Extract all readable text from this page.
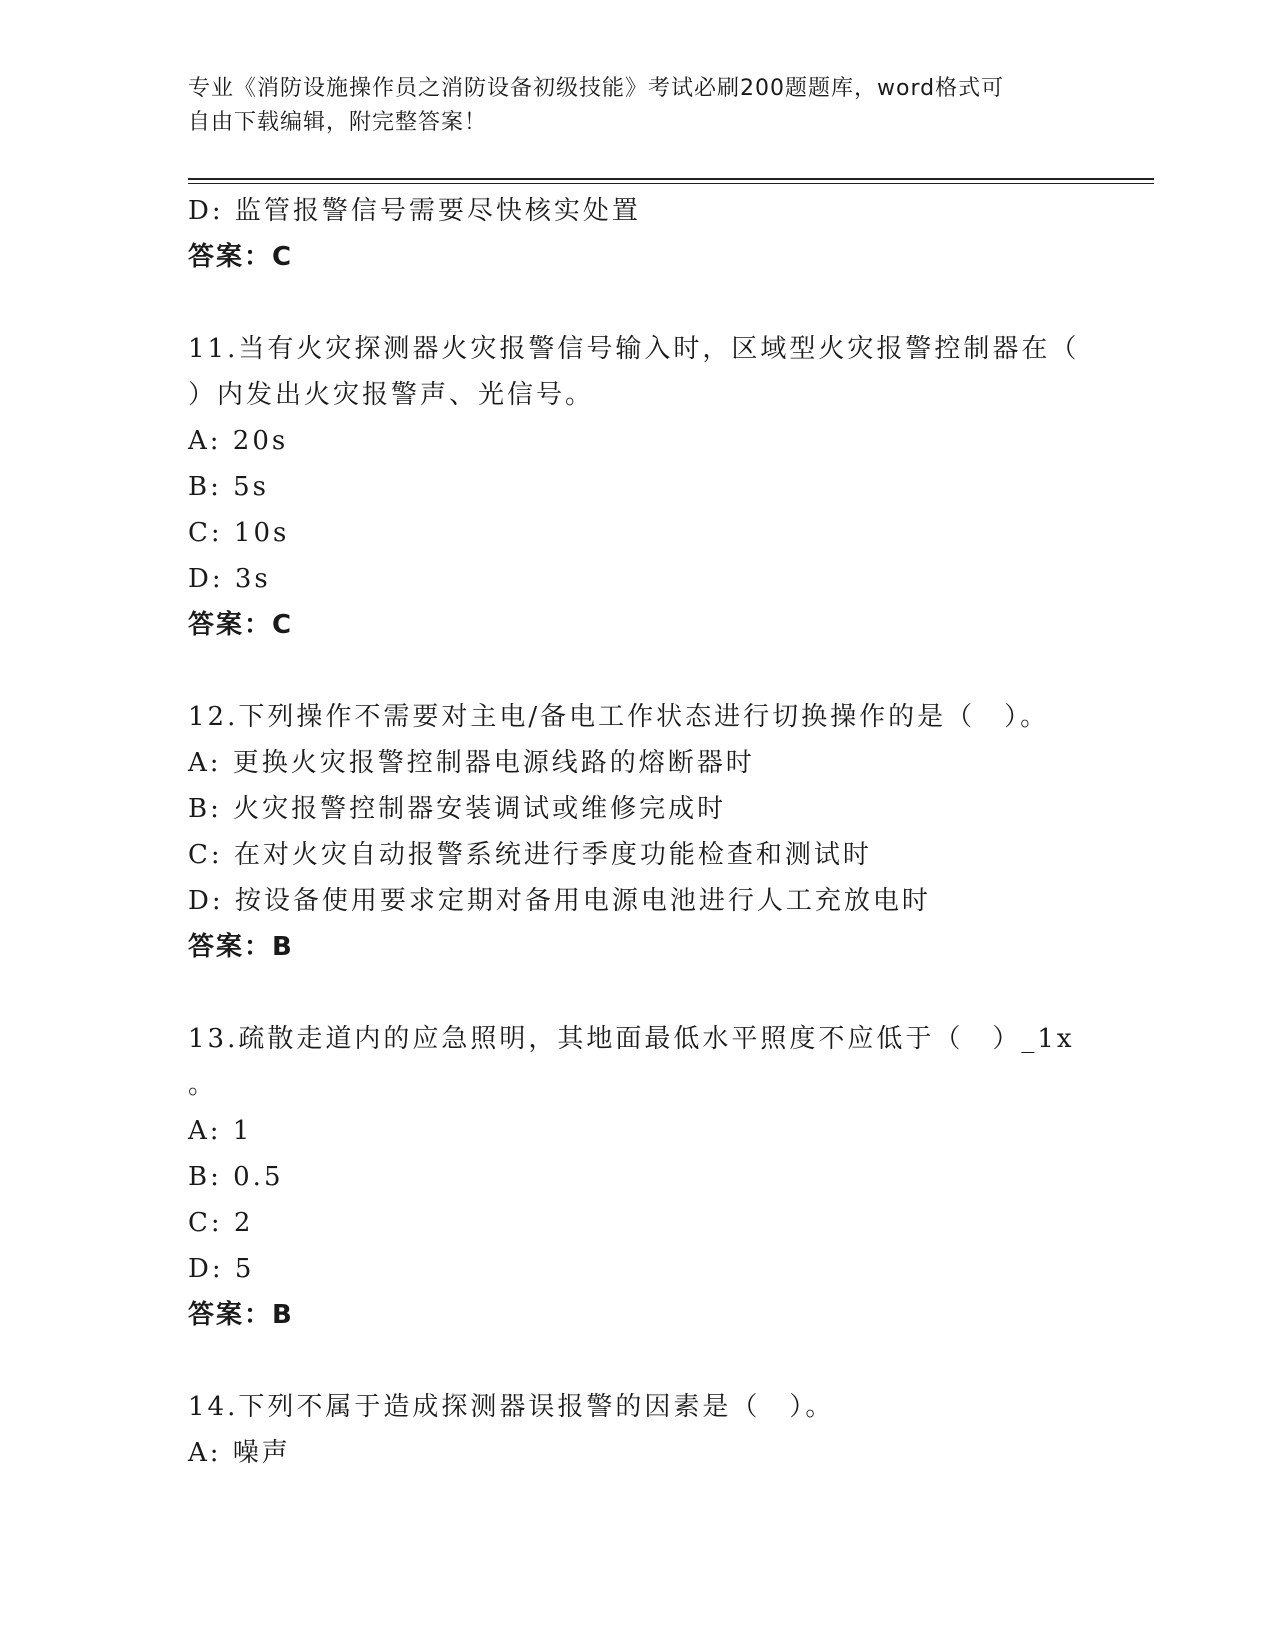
专业《消防设施操作员之消防设备初级技能》考试必刷200题题库，word格式可
自由下载编辑，附完整答案！
D: 监管报警信号需要尽快核实处置
答案：C
11.当有火灾探测器火灾报警信号输入时，区域型火灾报警控制器在（
）内发出火灾报警声、光信号。
A: 20s
B: 5s
C: 10s
D: 3s
答案：C
12.下列操作不需要对主电/备电工作状态进行切换操作的是（　）。
A: 更换火灾报警控制器电源线路的熔断器时
B: 火灾报警控制器安装调试或维修完成时
C: 在对火灾自动报警系统进行季度功能检查和测试时
D: 按设备使用要求定期对备用电源电池进行人工充放电时
答案：B
13.疏散走道内的应急照明，其地面最低水平照度不应低于（　）_1x
。
A: 1
B: 0.5
C: 2
D: 5
答案：B
14.下列不属于造成探测器误报警的因素是（　）。
A: 噪声
